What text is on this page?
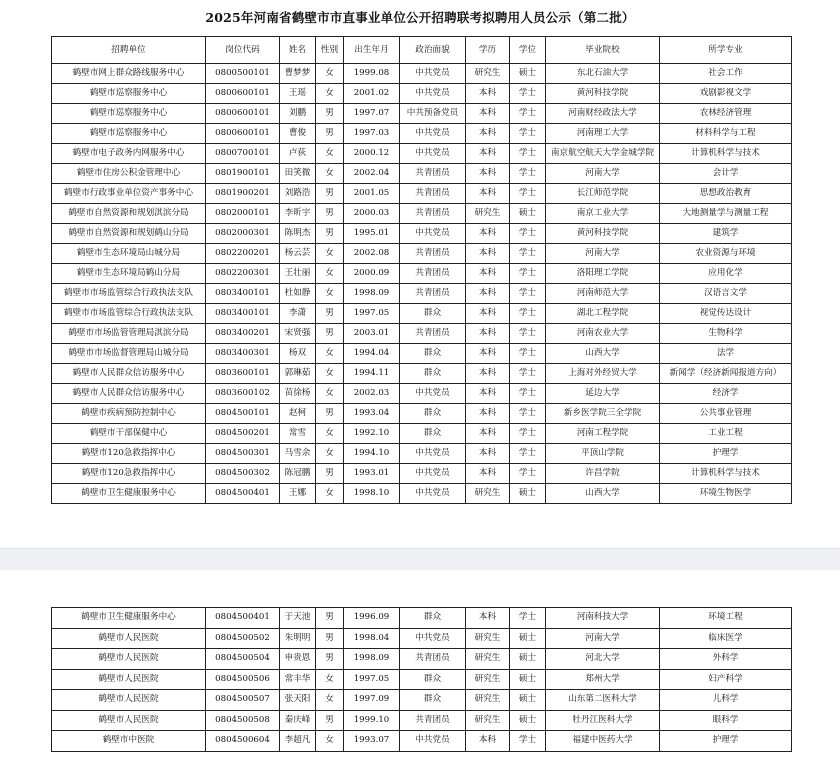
2025年河南省鹤壁市市直事业单位公开招聘联考拟聘用人员公示（第二批）
招聘单位	岗位代码	姓名	性别	出生年月	政治面貌	学历	学位	毕业院校	所学专业
鹤壁市网上群众路线服务中心	0800500101	曹梦梦	女	1999.08	中共党员	研究生	硕士	东北石油大学	社会工作
鹤壁市巡察服务中心	0800600101	王瑶	女	2001.02	中共党员	本科	学士	黄河科技学院	戏剧影视文学
鹤壁市巡察服务中心	0800600101	刘鹏	男	1997.07	中共预备党员	本科	学士	河南财经政法大学	农林经济管理
鹤壁市巡察服务中心	0800600101	曹俊	男	1997.03	中共党员	本科	学士	河南理工大学	材料科学与工程
鹤壁市电子政务内网服务中心	0800700101	卢荻	女	2000.12	中共党员	本科	学士	南京航空航天大学金城学院	计算机科学与技术
鹤壁市住房公积金管理中心	0801900101	田笑微	女	2002.04	共青团员	本科	学士	河南大学	会计学
鹤壁市行政事业单位资产事务中心	0801900201	刘路浩	男	2001.05	共青团员	本科	学士	长江师范学院	思想政治教育
鹤壁市自然资源和规划淇滨分局	0802000101	李昕宇	男	2000.03	共青团员	研究生	硕士	南京工业大学	大地测量学与测量工程
鹤壁市自然资源和规划鹤山分局	0802000301	陈明杰	男	1995.01	中共党员	本科	学士	黄河科技学院	建筑学
鹤壁市生态环境局山城分局	0802200201	杨云芸	女	2002.08	共青团员	本科	学士	河南大学	农业资源与环境
鹤壁市生态环境局鹤山分局	0802200301	王壮丽	女	2000.09	共青团员	本科	学士	洛阳理工学院	应用化学
鹤壁市市场监管综合行政执法支队	0803400101	杜如静	女	1998.09	共青团员	本科	学士	河南师范大学	汉语言文学
鹤壁市市场监管综合行政执法支队	0803400101	李潇	男	1997.05	群众	本科	学士	湖北工程学院	视觉传达设计
鹤壁市市场监管管理局淇滨分局	0803400201	宋贤强	男	2003.01	共青团员	本科	学士	河南农业大学	生物科学
鹤壁市市场监督管理局山城分局	0803400301	杨双	女	1994.04	群众	本科	学士	山西大学	法学
鹤壁市人民群众信访服务中心	0803600101	郭琳茹	女	1994.11	群众	本科	学士	上海对外经贸大学	新闻学（经济新闻报道方向）
鹤壁市人民群众信访服务中心	0803600102	苗徐杨	女	2002.03	中共党员	本科	学士	延边大学	经济学
鹤壁市疾病预防控制中心	0804500101	赵柯	男	1993.04	群众	本科	学士	新乡医学院三全学院	公共事业管理
鹤壁市干部保健中心	0804500201	常雪	女	1992.10	群众	本科	学士	河南工程学院	工业工程
鹤壁市120急救指挥中心	0804500301	马雪余	女	1994.10	中共党员	本科	学士	平顶山学院	护理学
鹤壁市120急救指挥中心	0804500302	陈冠鹏	男	1993.01	中共党员	本科	学士	许昌学院	计算机科学与技术
鹤壁市卫生健康服务中心	0804500401	王娜	女	1998.10	中共党员	研究生	硕士	山西大学	环境生物医学
鹤壁市卫生健康服务中心	0804500401	于天池	男	1996.09	群众	本科	学士	河南科技大学	环境工程
鹤壁市人民医院	0804500502	朱明明	男	1998.04	中共党员	研究生	硕士	河南大学	临床医学
鹤壁市人民医院	0804500504	申贵恩	男	1998.09	共青团员	研究生	硕士	河北大学	外科学
鹤壁市人民医院	0804500506	常丰华	女	1997.05	群众	研究生	硕士	郑州大学	妇产科学
鹤壁市人民医院	0804500507	张天阳	女	1997.09	群众	研究生	硕士	山东第二医科大学	儿科学
鹤壁市人民医院	0804500508	秦庆峰	男	1999.10	共青团员	研究生	硕士	牡丹江医科大学	眼科学
鹤壁市中医院	0804500604	李超凡	女	1993.07	中共党员	本科	学士	福建中医药大学	护理学
